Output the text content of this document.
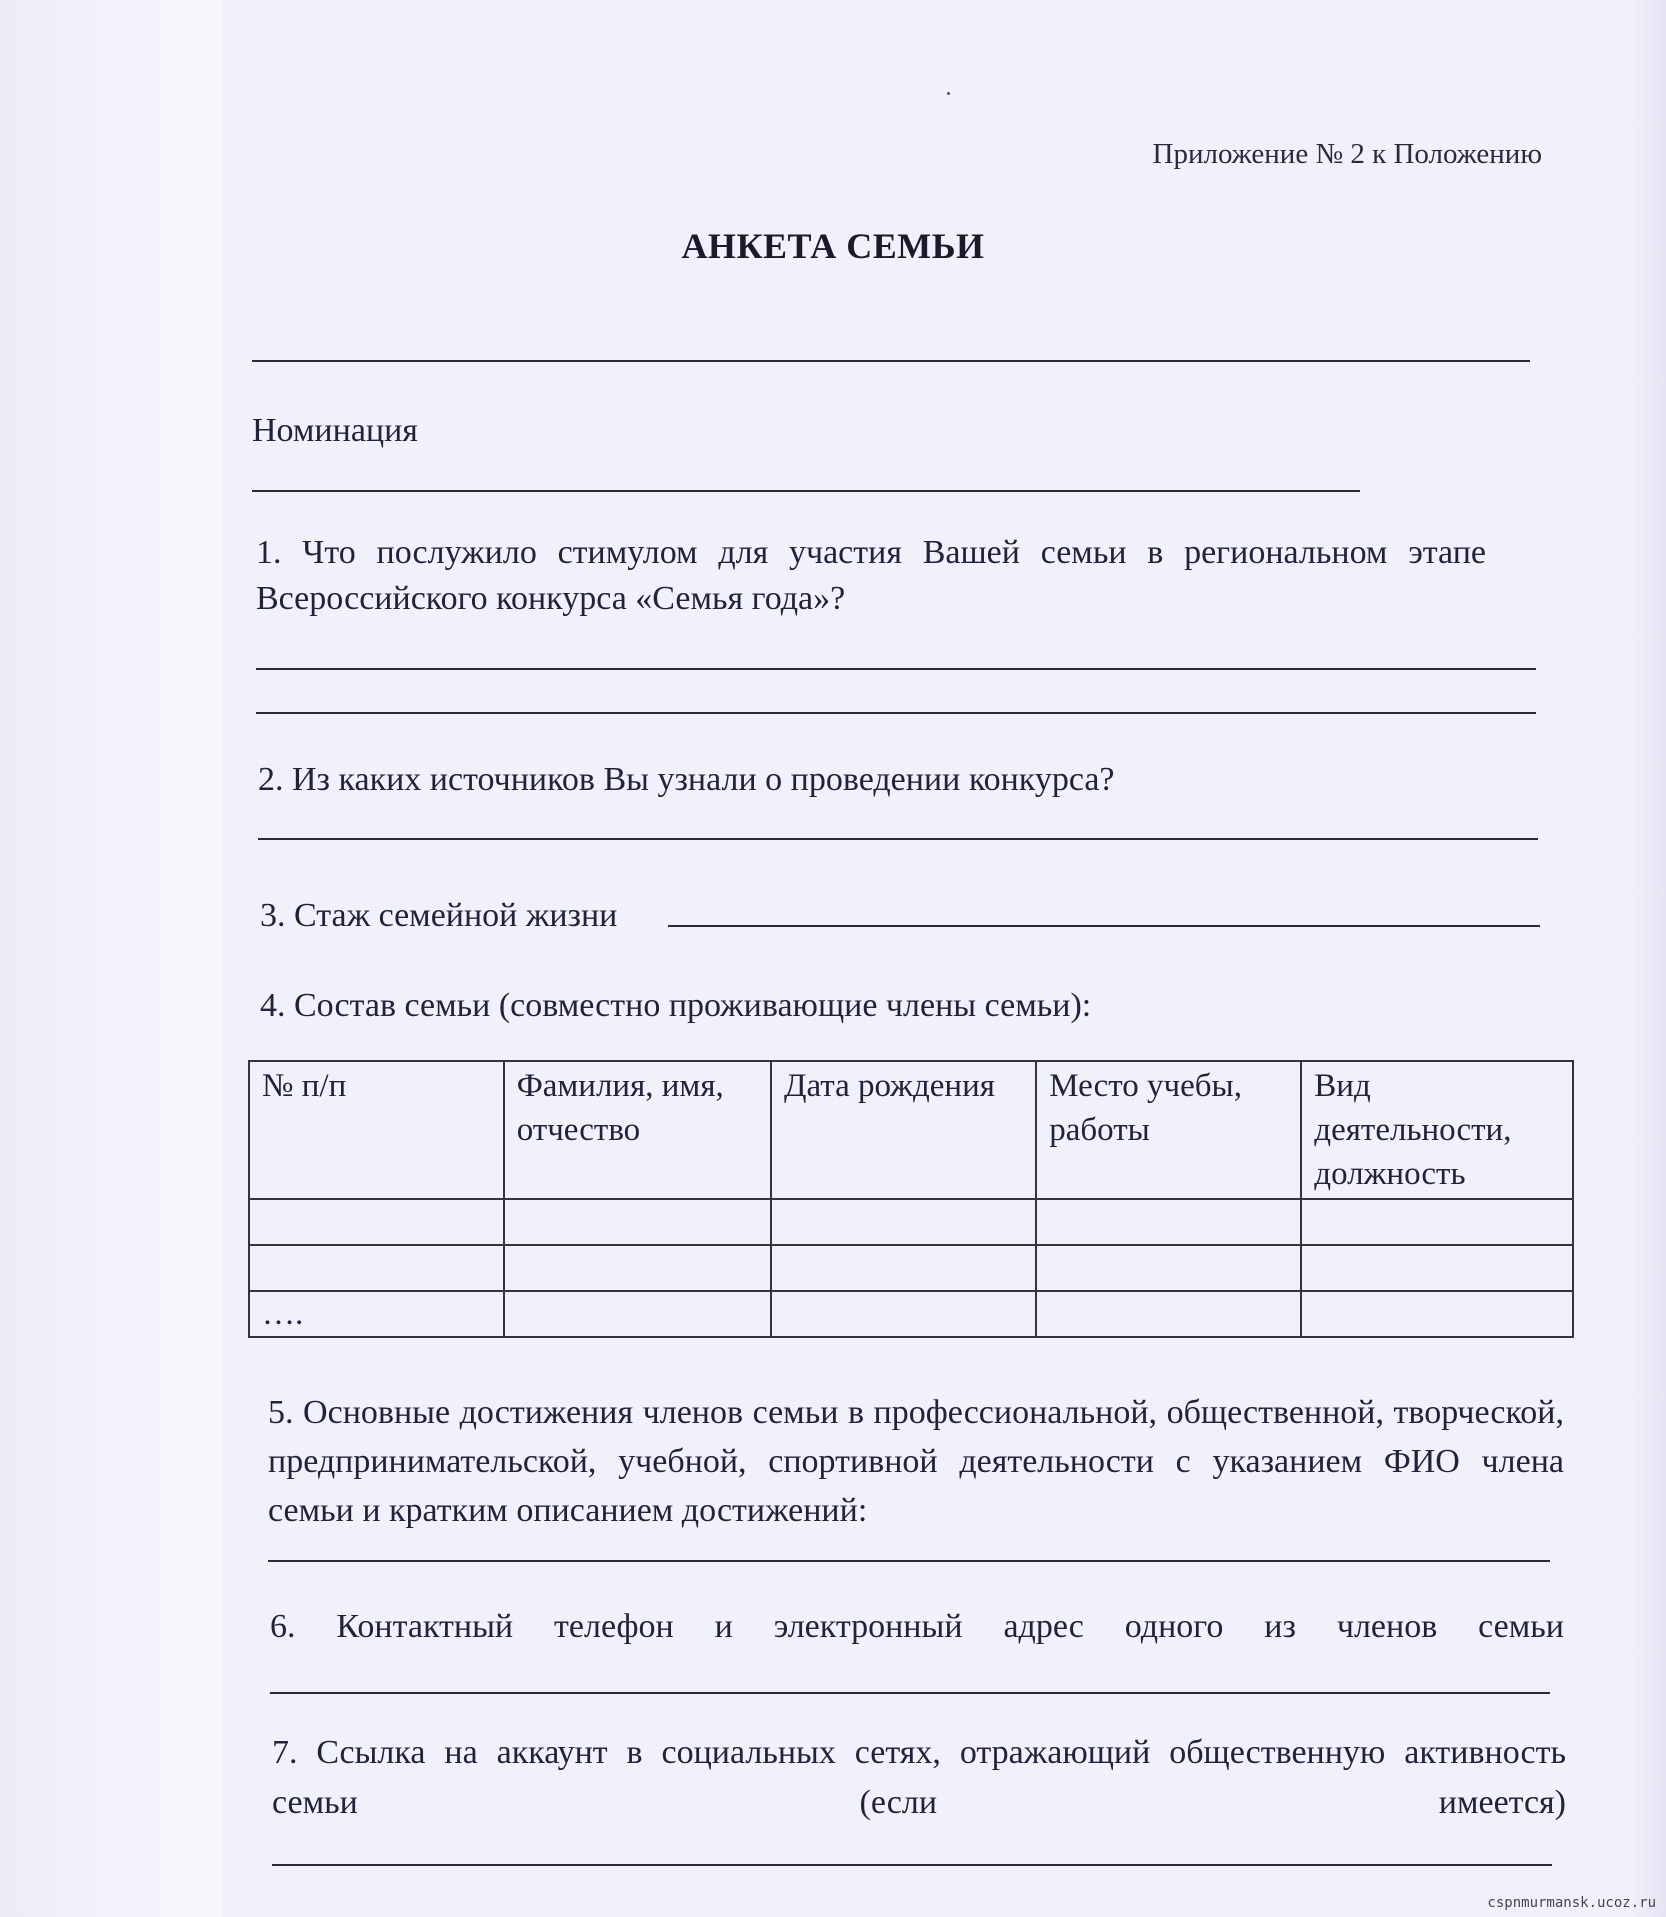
Приложение № 2 к Положению
АНКЕТА СЕМЬИ
Номинация
1. Что послужило стимулом для участия Вашей семьи в региональном этапе Всероссийского конкурса «Семья года»?
2. Из каких источников Вы узнали о проведении конкурса?
3. Стаж семейной жизни
4. Состав семьи (совместно проживающие члены семьи):
№ п/п	Фамилия, имя, отчество	Дата рождения	Место учебы, работы	Вид деятельности, должность

….				
5. Основные достижения членов семьи в профессиональной, общественной, творческой, предпринимательской, учебной, спортивной деятельности с указанием ФИО члена семьи и кратким описанием достижений:
6. Контактный телефон и электронный адрес одного из членов семьи
7. Ссылка на аккаунт в социальных сетях, отражающий общественную активность семьи (если имеется)
cspnmurmansk.ucoz.ru
